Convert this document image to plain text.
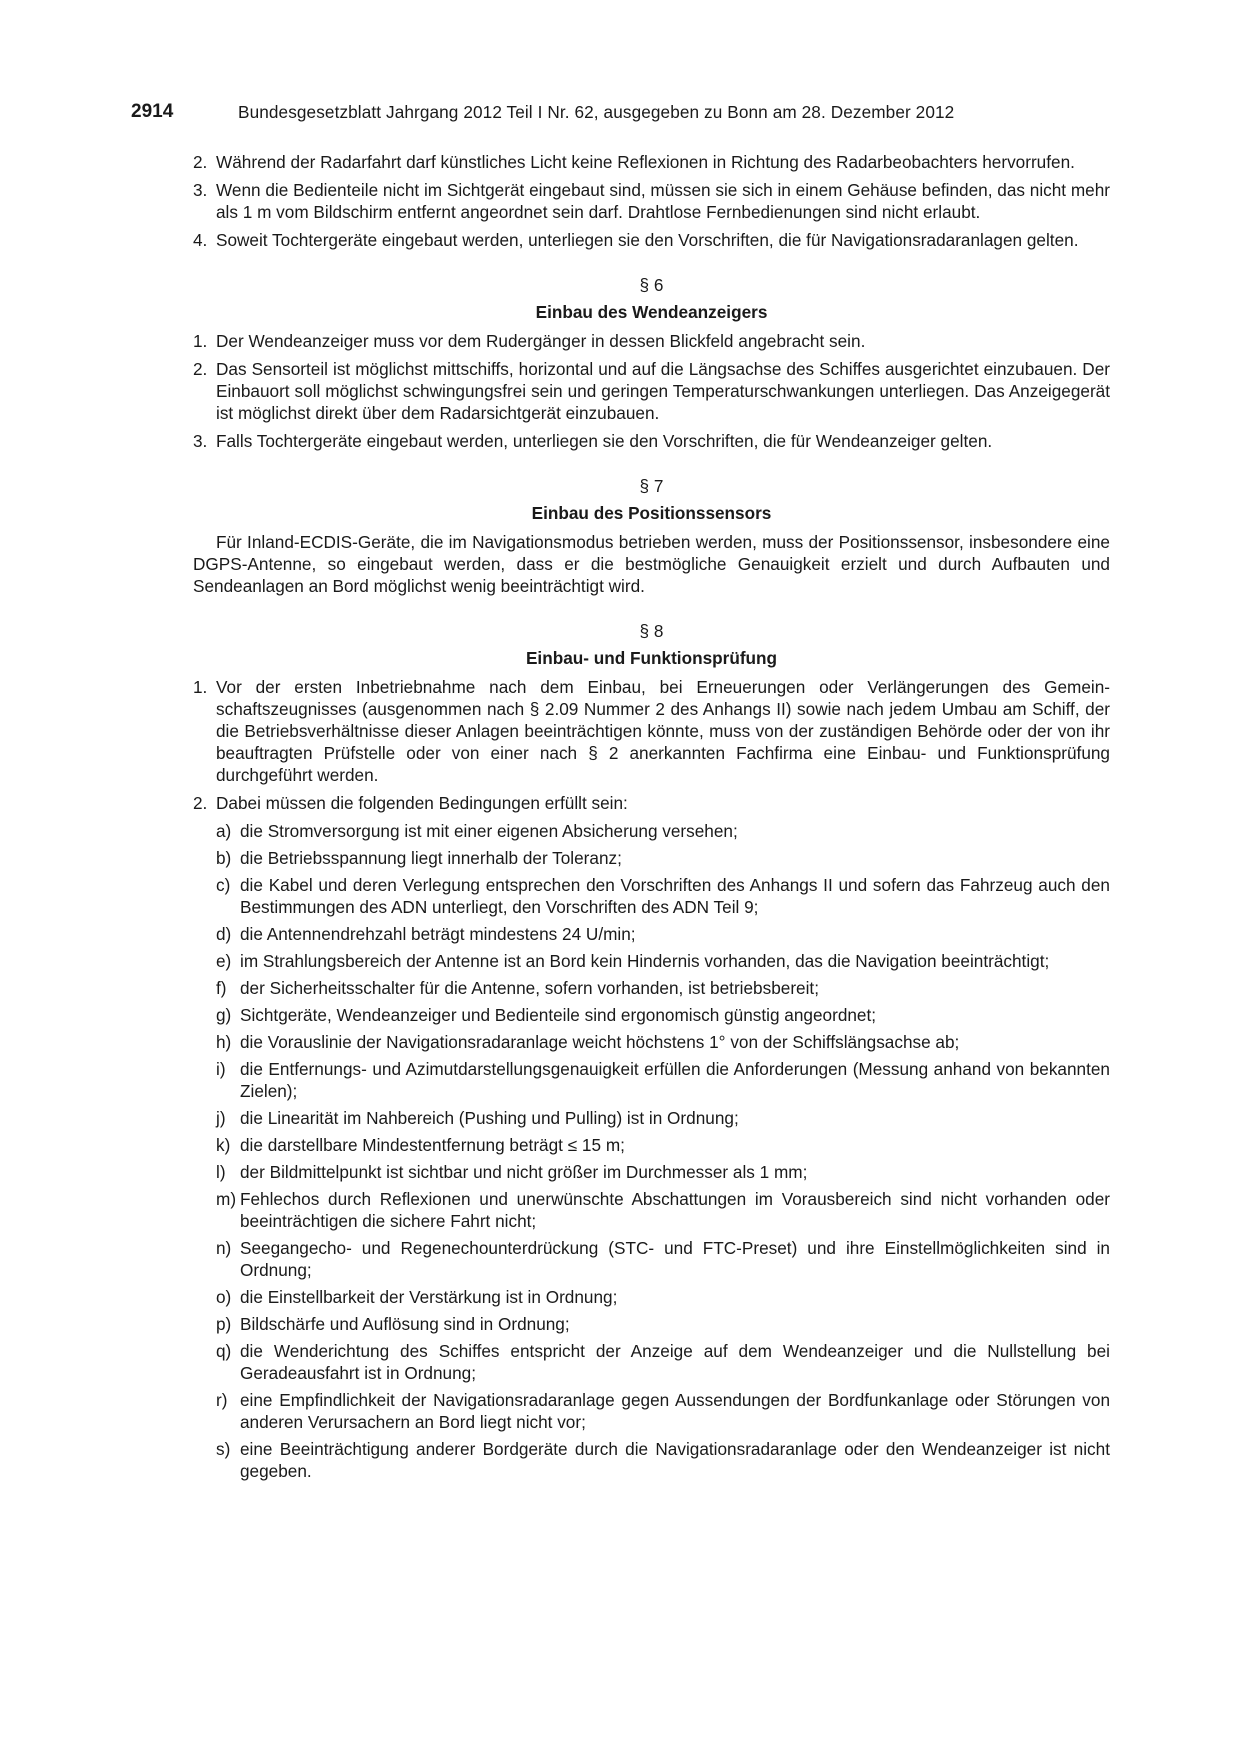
2914	Bundesgesetzblatt Jahrgang 2012 Teil I Nr. 62, ausgegeben zu Bonn am 28. Dezember 2012
2. Während der Radarfahrt darf künstliches Licht keine Reflexionen in Richtung des Radarbeobachters hervorrufen.
3. Wenn die Bedienteile nicht im Sichtgerät eingebaut sind, müssen sie sich in einem Gehäuse befinden, das nicht mehr als 1 m vom Bildschirm entfernt angeordnet sein darf. Drahtlose Fernbedienungen sind nicht erlaubt.
4. Soweit Tochtergeräte eingebaut werden, unterliegen sie den Vorschriften, die für Navigationsradaranlagen gelten.
§ 6
Einbau des Wendeanzeigers
1. Der Wendeanzeiger muss vor dem Rudergänger in dessen Blickfeld angebracht sein.
2. Das Sensorteil ist möglichst mittschiffs, horizontal und auf die Längsachse des Schiffes ausgerichtet einzubauen. Der Einbauort soll möglichst schwingungsfrei sein und geringen Temperaturschwankungen unterliegen. Das Anzeigegerät ist möglichst direkt über dem Radarsichtgerät einzubauen.
3. Falls Tochtergeräte eingebaut werden, unterliegen sie den Vorschriften, die für Wendeanzeiger gelten.
§ 7
Einbau des Positionssensors
Für Inland-ECDIS-Geräte, die im Navigationsmodus betrieben werden, muss der Positionssensor, insbesondere eine DGPS-Antenne, so eingebaut werden, dass er die bestmögliche Genauigkeit erzielt und durch Aufbauten und Sendeanlagen an Bord möglichst wenig beeinträchtigt wird.
§ 8
Einbau- und Funktionsprüfung
1. Vor der ersten Inbetriebnahme nach dem Einbau, bei Erneuerungen oder Verlängerungen des Gemeinschaftszeugnisses (ausgenommen nach § 2.09 Nummer 2 des Anhangs II) sowie nach jedem Umbau am Schiff, der die Betriebsverhältnisse dieser Anlagen beeinträchtigen könnte, muss von der zuständigen Behörde oder der von ihr beauftragten Prüfstelle oder von einer nach § 2 anerkannten Fachfirma eine Einbau- und Funktionsprüfung durchgeführt werden.
2. Dabei müssen die folgenden Bedingungen erfüllt sein:
a) die Stromversorgung ist mit einer eigenen Absicherung versehen;
b) die Betriebsspannung liegt innerhalb der Toleranz;
c) die Kabel und deren Verlegung entsprechen den Vorschriften des Anhangs II und sofern das Fahrzeug auch den Bestimmungen des ADN unterliegt, den Vorschriften des ADN Teil 9;
d) die Antennendrehzahl beträgt mindestens 24 U/min;
e) im Strahlungsbereich der Antenne ist an Bord kein Hindernis vorhanden, das die Navigation beeinträchtigt;
f) der Sicherheitsschalter für die Antenne, sofern vorhanden, ist betriebsbereit;
g) Sichtgeräte, Wendeanzeiger und Bedienteile sind ergonomisch günstig angeordnet;
h) die Vorauslinie der Navigationsradaranlage weicht höchstens 1° von der Schiffslängsachse ab;
i) die Entfernungs- und Azimutdarstellungsgenauigkeit erfüllen die Anforderungen (Messung anhand von bekannten Zielen);
j) die Linearität im Nahbereich (Pushing und Pulling) ist in Ordnung;
k) die darstellbare Mindestentfernung beträgt ≤ 15 m;
l) der Bildmittelpunkt ist sichtbar und nicht größer im Durchmesser als 1 mm;
m) Fehlechos durch Reflexionen und unerwünschte Abschattungen im Vorausbereich sind nicht vorhanden oder beeinträchtigen die sichere Fahrt nicht;
n) Seegangecho- und Regenechounterdrückung (STC- und FTC-Preset) und ihre Einstellmöglichkeiten sind in Ordnung;
o) die Einstellbarkeit der Verstärkung ist in Ordnung;
p) Bildschärfe und Auflösung sind in Ordnung;
q) die Wenderichtung des Schiffes entspricht der Anzeige auf dem Wendeanzeiger und die Nullstellung bei Geradeausfahrt ist in Ordnung;
r) eine Empfindlichkeit der Navigationsradaranlage gegen Aussendungen der Bordfunkanlage oder Störungen von anderen Verursachern an Bord liegt nicht vor;
s) eine Beeinträchtigung anderer Bordgeräte durch die Navigationsradaranlage oder den Wendeanzeiger ist nicht gegeben.
